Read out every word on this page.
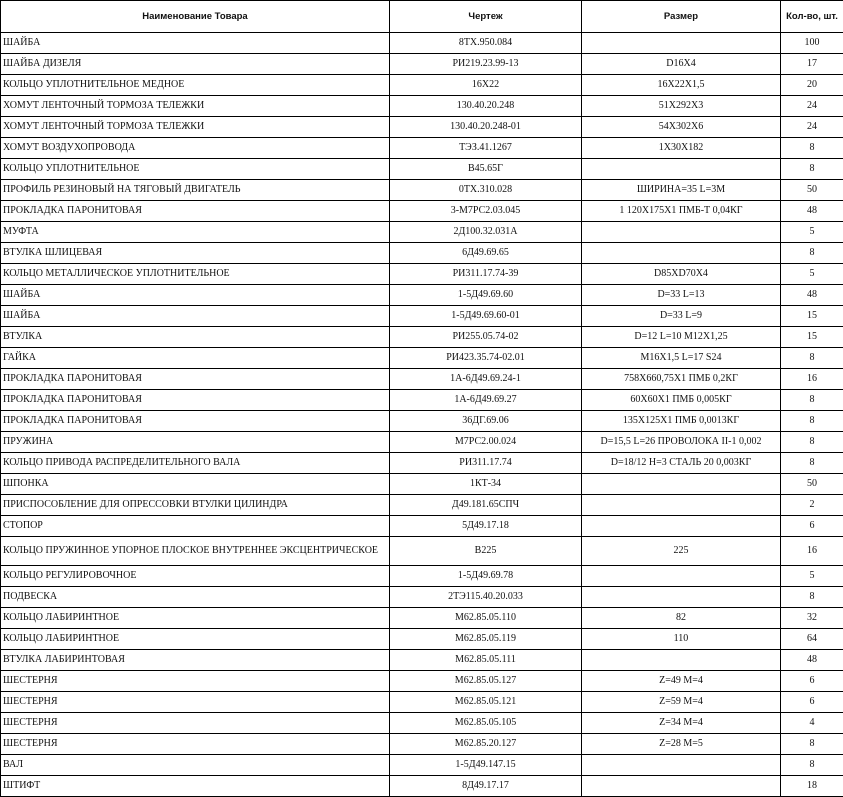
Наименование Товара	Чертеж	Размер	Кол-во, шт.
ШАЙБА	8ТХ.950.084		100
ШАЙБА ДИЗЕЛЯ	РИ219.23.99-13	D16X4	17
КОЛЬЦО УПЛОТНИТЕЛЬНОЕ МЕДНОЕ	16Х22	16Х22Х1,5	20
ХОМУТ ЛЕНТОЧНЫЙ ТОРМОЗА ТЕЛЕЖКИ	130.40.20.248	51Х292Х3	24
ХОМУТ ЛЕНТОЧНЫЙ ТОРМОЗА ТЕЛЕЖКИ	130.40.20.248-01	54Х302Х6	24
ХОМУТ ВОЗДУХОПРОВОДА	ТЭЗ.41.1267	1Х30Х182	8
КОЛЬЦО УПЛОТНИТЕЛЬНОЕ	В45.65Г		8
ПРОФИЛЬ РЕЗИНОВЫЙ НА ТЯГОВЫЙ ДВИГАТЕЛЬ	0ТХ.310.028	ШИРИНА=35 L=3М	50
ПРОКЛАДКА ПАРОНИТОВАЯ	3-М7РС2.03.045	1 120Х175Х1 ПМБ-Т 0,04КГ	48
МУФТА	2Д100.32.031А		5
ВТУЛКА ШЛИЦЕВАЯ	6Д49.69.65		8
КОЛЬЦО МЕТАЛЛИЧЕСКОЕ УПЛОТНИТЕЛЬНОЕ	РИ311.17.74-39	D85XD70X4	5
ШАЙБА	1-5Д49.69.60	D=33 L=13	48
ШАЙБА	1-5Д49.69.60-01	D=33 L=9	15
ВТУЛКА	РИ255.05.74-02	D=12 L=10 M12X1,25	15
ГАЙКА	РИ423.35.74-02.01	M16X1,5 L=17 S24	8
ПРОКЛАДКА ПАРОНИТОВАЯ	1А-6Д49.69.24-1	758Х660,75Х1 ПМБ 0,2КГ	16
ПРОКЛАДКА ПАРОНИТОВАЯ	1А-6Д49.69.27	60Х60Х1 ПМБ 0,005КГ	8
ПРОКЛАДКА ПАРОНИТОВАЯ	36ДГ.69.06	135Х125Х1 ПМБ 0,0013КГ	8
ПРУЖИНА	М7РС2.00.024	D=15,5 L=26 ПРОВОЛОКА II-1 0,002	8
КОЛЬЦО ПРИВОДА РАСПРЕДЕЛИТЕЛЬНОГО ВАЛА	РИ311.17.74	D=18/12 H=3 СТАЛЬ 20 0,003КГ	8
ШПОНКА	1КТ-34		50
ПРИСПОСОБЛЕНИЕ ДЛЯ ОПРЕССОВКИ ВТУЛКИ ЦИЛИНДРА	Д49.181.65СПЧ		2
СТОПОР	5Д49.17.18		6
КОЛЬЦО ПРУЖИННОЕ УПОРНОЕ ПЛОСКОЕ ВНУТРЕННЕЕ ЭКСЦЕНТРИЧЕСКОЕ	В225	225	16
КОЛЬЦО РЕГУЛИРОВОЧНОЕ	1-5Д49.69.78		5
ПОДВЕСКА	2ТЭ115.40.20.033		8
КОЛЬЦО ЛАБИРИНТНОЕ	М62.85.05.110	82	32
КОЛЬЦО ЛАБИРИНТНОЕ	М62.85.05.119	110	64
ВТУЛКА ЛАБИРИНТОВАЯ	М62.85.05.111		48
ШЕСТЕРНЯ	М62.85.05.127	Z=49 M=4	6
ШЕСТЕРНЯ	М62.85.05.121	Z=59 M=4	6
ШЕСТЕРНЯ	М62.85.05.105	Z=34 M=4	4
ШЕСТЕРНЯ	М62.85.20.127	Z=28 M=5	8
ВАЛ	1-5Д49.147.15		8
ШТИФТ	8Д49.17.17		18
